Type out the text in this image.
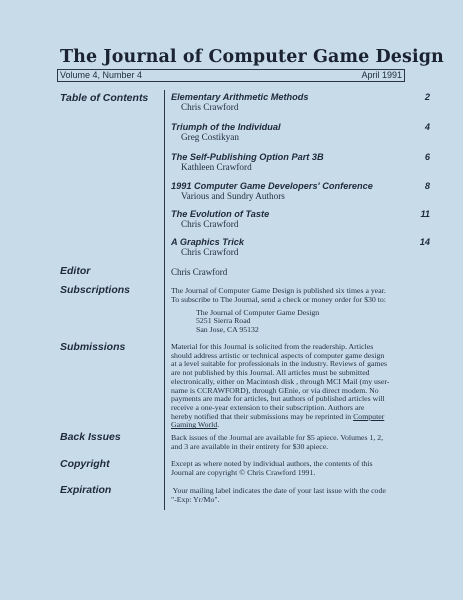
The Journal of Computer Game Design
Volume 4, Number 4	April 1991
Table of Contents
Editor
Subscriptions
Submissions
Back Issues
Copyright
Expiration
Elementary Arithmetic Methods
Chris Crawford
2
Triumph of the Individual
Greg Costikyan
4
The Self-Publishing Option Part 3B
Kathleen Crawford
6
1991 Computer Game Developers' Conference
Various and Sundry Authors
8
The Evolution of Taste
Chris Crawford
11
A Graphics Trick
Chris Crawford
14
Chris Crawford
The Journal of Computer Game Design is published six times a year.
To subscribe to The Journal, send a check or money order for $30 to:
The Journal of Computer Game Design
5251 Sierra Road
San Jose, CA 95132
Material for this Journal is solicited from the readership. Articles
should address artistic or technical aspects of computer game design
at a level suitable for professionals in the industry. Reviews of games
are not published by this Journal. All articles must be submitted
electronically, either on Macintosh disk , through MCI Mail (my user-
name is CCRAWFORD), through GEnie, or via direct modem. No
payments are made for articles, but authors of published articles will
receive a one-year extension to their subscription. Authors are
hereby notified that their submissions may be reprinted in Computer
Gaming World.
Back issues of the Journal are available for $5 apiece. Volumes 1, 2,
and 3 are available in their entirety for $30 apiece.
Except as where noted by individual authors, the contents of this
Journal are copyright © Chris Crawford 1991.
Your mailing label indicates the date of your last issue with the code
"-Exp: Yr/Mo".
